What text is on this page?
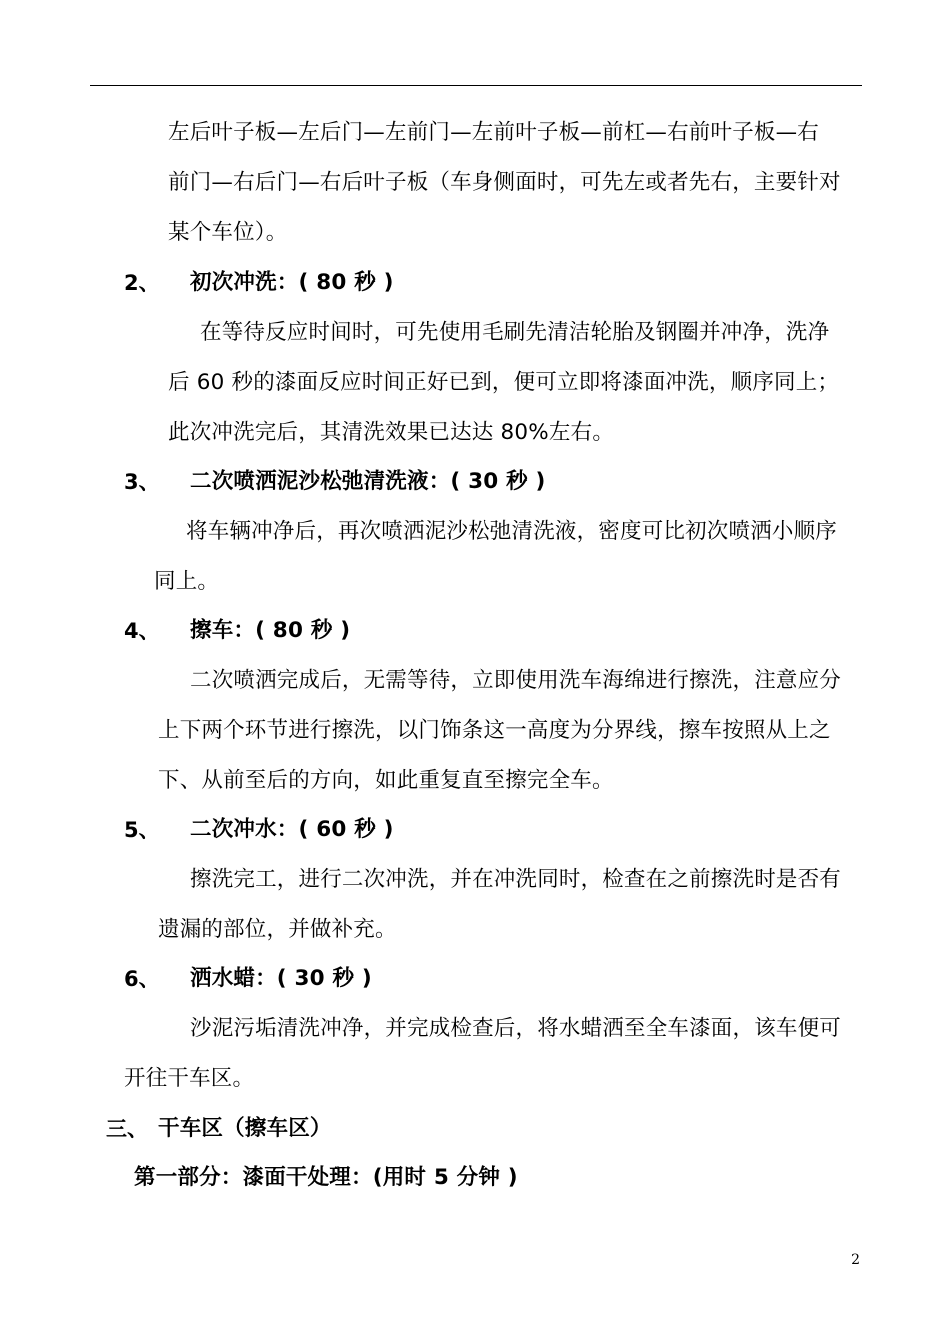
左后叶子板—左后门—左前门—左前叶子板—前杠—右前叶子板—右
前门—右后门—右后叶子板（车身侧面时，可先左或者先右，主要针对
某个车位）。
2、 初次冲洗：( 80 秒 )
在等待反应时间时，可先使用毛刷先清洁轮胎及钢圈并冲净，洗净
后 60 秒的漆面反应时间正好已到，便可立即将漆面冲洗，顺序同上；
此次冲洗完后，其清洗效果已达达 80%左右。
3、 二次喷洒泥沙松弛清洗液：( 30 秒 )
将车辆冲净后，再次喷洒泥沙松弛清洗液，密度可比初次喷洒小顺序
同上。
4、 擦车：( 80 秒 )
二次喷洒完成后，无需等待，立即使用洗车海绵进行擦洗，注意应分
上下两个环节进行擦洗，以门饰条这一高度为分界线，擦车按照从上之
下、从前至后的方向，如此重复直至擦完全车。
5、 二次冲水：( 60 秒 )
擦洗完工，进行二次冲洗，并在冲洗同时，检查在之前擦洗时是否有
遗漏的部位，并做补充。
6、 洒水蜡：( 30 秒 )
沙泥污垢清洗冲净，并完成检查后，将水蜡洒至全车漆面，该车便可
开往干车区。
三、 干车区（擦车区）
第一部分：漆面干处理：(用时 5 分钟 )
2
